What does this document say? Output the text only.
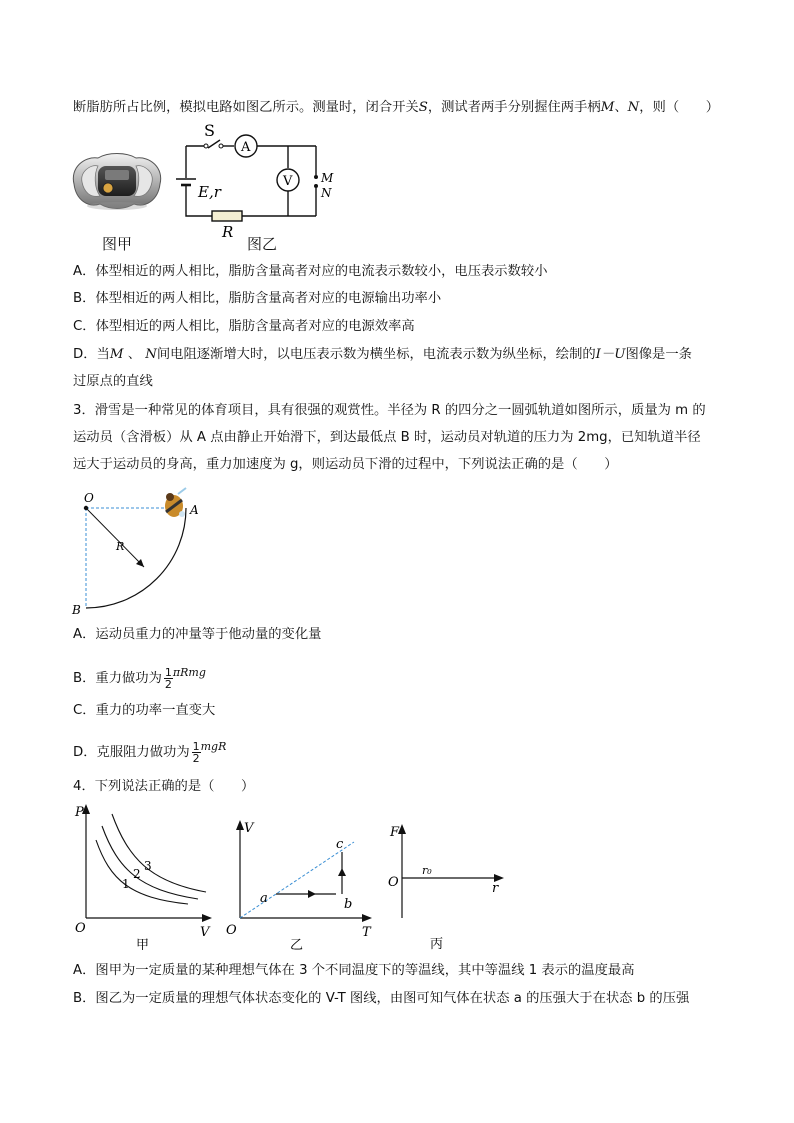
断脂肪所占比例，模拟电路如图乙所示。测量时，闭合开关S，测试者两手分别握住两手柄M、N，则（　　）
图甲
S
A
V
E,r
R
M
N
图乙
A．体型相近的两人相比，脂肪含量高者对应的电流表示数较小，电压表示数较小
B．体型相近的两人相比，脂肪含量高者对应的电源输出功率小
C．体型相近的两人相比，脂肪含量高者对应的电源效率高
D．当M 、 N间电阻逐渐增大时，以电压表示数为横坐标，电流表示数为纵坐标，绘制的I－U图像是一条
过原点的直线
3．滑雪是一种常见的体育项目，具有很强的观赏性。半径为 R 的四分之一圆弧轨道如图所示，质量为 m 的
运动员（含滑板）从 A 点由静止开始滑下，到达最低点 B 时，运动员对轨道的压力为 2mg，已知轨道半径
远大于运动员的身高，重力加速度为 g，则运动员下滑的过程中，下列说法正确的是（　　）
O
A
B
R
A．运动员重力的冲量等于他动量的变化量
B．重力做功为 $\frac{1}{2} ^{\pi Rmg}$
C．重力的功率一直变大
D．克服阻力做功为 $\frac{1}{2} ^{mgR}$
4．下列说法正确的是（　　）
P
V
O
1
2
3
甲
a	b
c
V
T
O
乙
F
O
r₀
r
丙
A．图甲为一定质量的某种理想气体在 3 个不同温度下的等温线，其中等温线 1 表示的温度最高
B．图乙为一定质量的理想气体状态变化的 V-T 图线，由图可知气体在状态 a 的压强大于在状态 b 的压强
